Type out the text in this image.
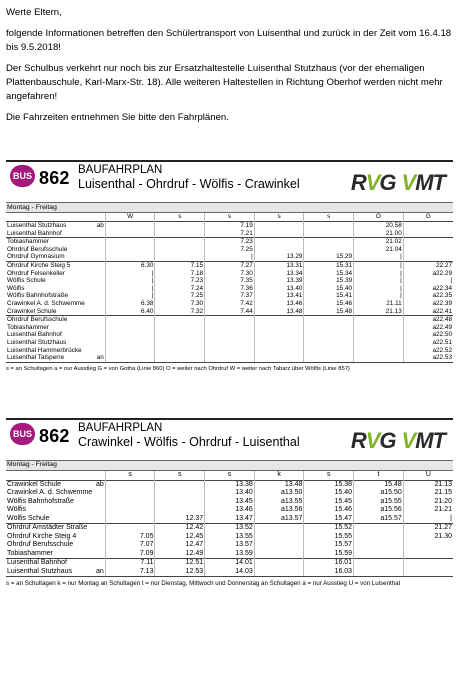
Werte Eltern,

folgende Informationen betreffen den Schülertransport von Luisenthal und zurück in der Zeit vom 16.4.18 bis 9.5.2018!

Der Schulbus verkehrt nur noch bis zur Ersatzhaltestelle Luisenthal Stutzhaus (vor der ehemaligen Plattenbauschule, Karl-Marx-Str. 18). Alle weiteren Haltestellen in Richtung Oberhof werden nicht mehr angefahren!

Die Fahrzeiten entnehmen Sie bitte den Fahrplänen.

BUS 862 BAUFAHRPLAN
Luisenthal - Ohrdruf - Wölfis - Crawinkel RVG VMT
Montag - Freitag								
		W	s	s	s	s	O	G
Luisenthal Stutzhaus	ab			7.19			20.58	
Luisenthal Bahnhof				7.21			21.00	
Tobiashammer				7.23			21.02	
Ohrdruf Berufsschule				7.25			21.04	
Ohrdruf Gymnasium				|	13.29	15.29	|	
Ohrdruf Kirche Steig 5		6.30	7.15	7.27	13.31	15.31	|	22.27
Ohrdruf Felsenkeller		|	7.18	7.30	13.34	15.34	|	a22.29
Wölfis Schule		|	7.23	7.35	13.39	15.39	|	|
Wölfis		|	7.24	7.36	13.40	15.40	|	a22.34
Wölfis Bahnhofstraße		|	7.25	7.37	13.41	15.41	|	a22.35
Crawinkel A. d. Schwemme		6.38	7.30	7.42	13.46	15.46	21.11	a22.39
Crawinkel Schule		6.40	7.32	7.44	13.48	15.48	21.13	a22.41
Ohrdruf Berufsschule								a22.48
Tobiashammer								a22.49
Luisenthal Bahnhof								a22.50
Luisenthal Stutzhaus								a22.51
Luisenthal Hammerbrücke								a22.52
Luisenthal Talsperre	an							a22.53
s = an Schultagen a = nur Ausstieg G = von Gotha (Linie 860) O = weiter nach Ohrdruf W = weiter nach Tabarz über Wölfis (Linie 857)
BUS 862 BAUFAHRPLAN
Crawinkel - Wölfis - Ohrdruf - Luisenthal RVG VMT
Montag - Freitag								
		s	s	s	k	s	t	U
Crawinkel Schule	ab			13.38	13.48	15.38	15.48	21.13
Crawinkel A. d. Schwemme				13.40	a13.50	15.40	a15.50	21.15
Wölfis Bahnhofstraße				13.45	a13.55	15.45	a15.55	21.20
Wölfis				13.46	a13.56	15.46	a15.56	21.21
Wölfis Schule			12.37	13.47	a13.57	15.47	a15.57	|
Ohrdruf Amstädter Straße			12.42	13.52		15.52		21.27
Ohrdruf Kirche Steig 4		7.05	12.45	13.55		15.55		21.30
Ohrdruf Berufsschule		7.07	12.47	13.57		15.57		
Tobiashammer		7.09	12.49	13.59		15.59		
Luisenthal Bahnhof		7.11	12.51	14.01		16.01		
Luisenthal Stutzhaus	an	7.13	12.53	14.03		16.03		
s = an Schultagen k = nur Montag an Schultagen t = nur Dienstag, Mittwoch und Donnerstag an Schultagen a = nur Ausstieg U = von Luisenthal
